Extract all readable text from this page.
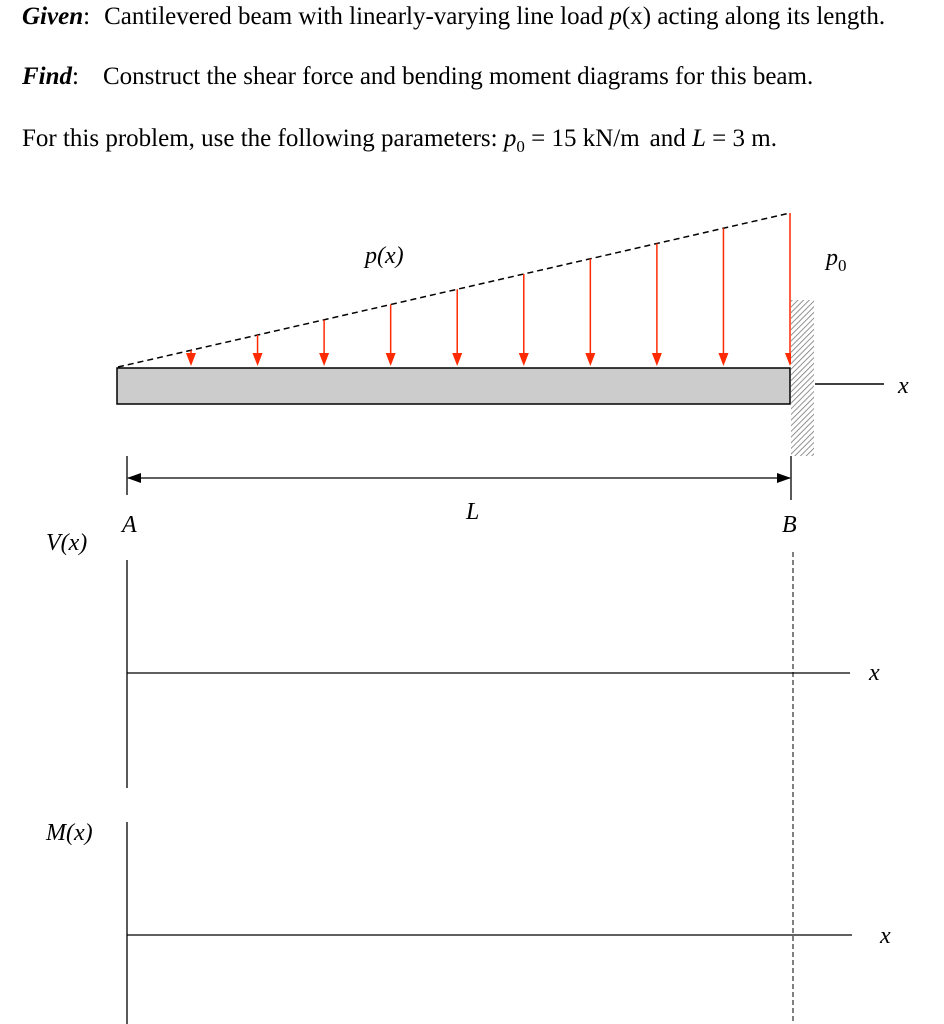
Given: Cantilevered beam with linearly-varying line load p(x) acting along its length.
Find: Construct the shear force and bending moment diagrams for this beam.
For this problem, use the following parameters: $p_0 = 15$ kN/m and L = 3 m.
p(x)	$p_0$
x
L
A	B
V(x)
x
M(x)
x
